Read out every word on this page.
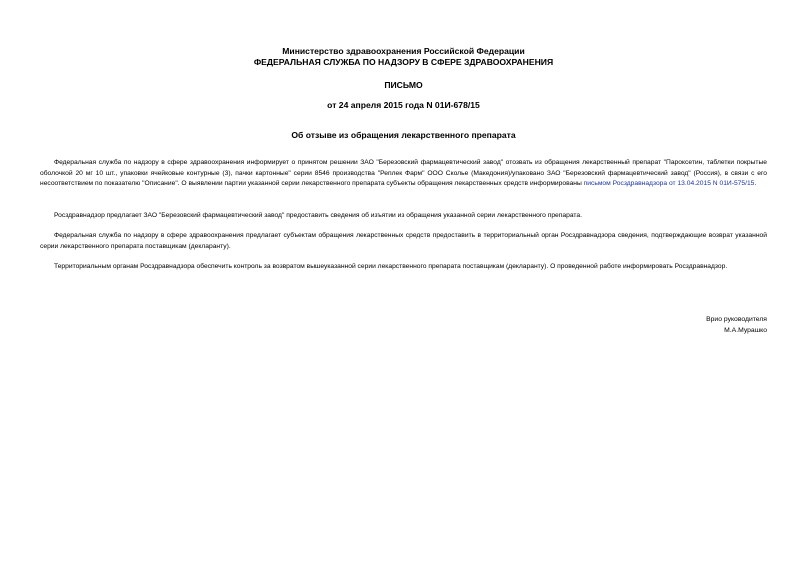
Министерство здравоохранения Российской Федерации
ФЕДЕРАЛЬНАЯ СЛУЖБА ПО НАДЗОРУ В СФЕРЕ ЗДРАВООХРАНЕНИЯ
ПИСЬМО
от 24 апреля 2015 года N 01И-678/15
Об отзыве из обращения лекарственного препарата

Федеральная служба по надзору в сфере здравоохранения информирует о принятом решении ЗАО "Березовский фармацевтический завод" отозвать из обращения лекарственный препарат "Пароксетин, таблетки покрытые оболочкой 20 мг 10 шт., упаковки ячейковые контурные (3), пачки картонные" серии 8546 производства "Реплек Фарм" ООО Сколье (Македония)/упаковано ЗАО "Березовский фармацевтический завод" (Россия), в связи с его несоответствием по показателю "Описание". О выявлении партии указанной серии лекарственного препарата субъекты обращения лекарственных средств информированы письмом Росздравнадзора от 13.04.2015 N 01И-575/15.

Росздравнадзор предлагает ЗАО "Березовский фармацевтический завод" предоставить сведения об изъятии из обращения указанной серии лекарственного препарата.

Федеральная служба по надзору в сфере здравоохранения предлагает субъектам обращения лекарственных средств предоставить в территориальный орган Росздравнадзора сведения, подтверждающие возврат указанной серии лекарственного препарата поставщикам (декларанту).

Территориальным органам Росздравнадзора обеспечить контроль за возвратом вышеуказанной серии лекарственного препарата поставщикам (декларанту). О проведенной работе информировать Росздравнадзор.

Врио руководителя
М.А.Мурашко
